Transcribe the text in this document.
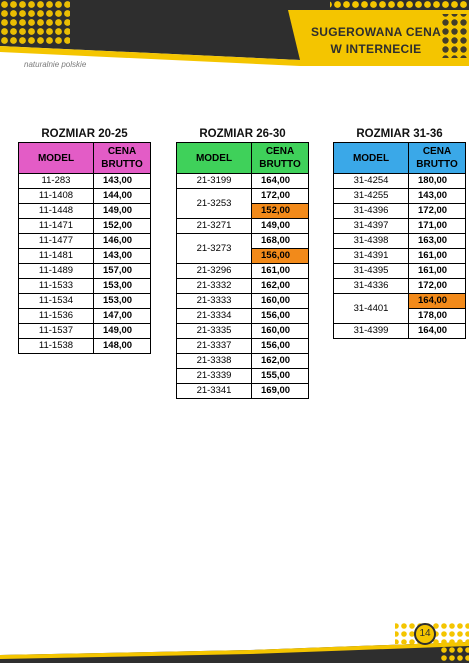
SUGEROWANA CENA
W INTERNECIE
naturalnie polskie
ROZMIAR 20-25
MODEL	CENA
BRUTTO

11-283	143,00
11-1408	144,00
11-1448	149,00
11-1471	152,00
11-1477	146,00
11-1481	143,00
11-1489	157,00
11-1533	153,00
11-1534	153,00
11-1536	147,00
11-1537	149,00
11-1538	148,00
ROZMIAR 26-30
MODEL	CENA
BRUTTO

21-3199	164,00
21-3253	172,00
	152,00
21-3271	149,00
21-3273	168,00
	156,00
21-3296	161,00
21-3332	162,00
21-3333	160,00
21-3334	156,00
21-3335	160,00
21-3337	156,00
21-3338	162,00
21-3339	155,00
21-3341	169,00
ROZMIAR 31-36
MODEL	CENA
BRUTTO

31-4254	180,00
31-4255	143,00
31-4396	172,00
31-4397	171,00
31-4398	163,00
31-4391	161,00
31-4395	161,00
31-4336	172,00
31-4401	164,00
	178,00
31-4399	164,00
14
